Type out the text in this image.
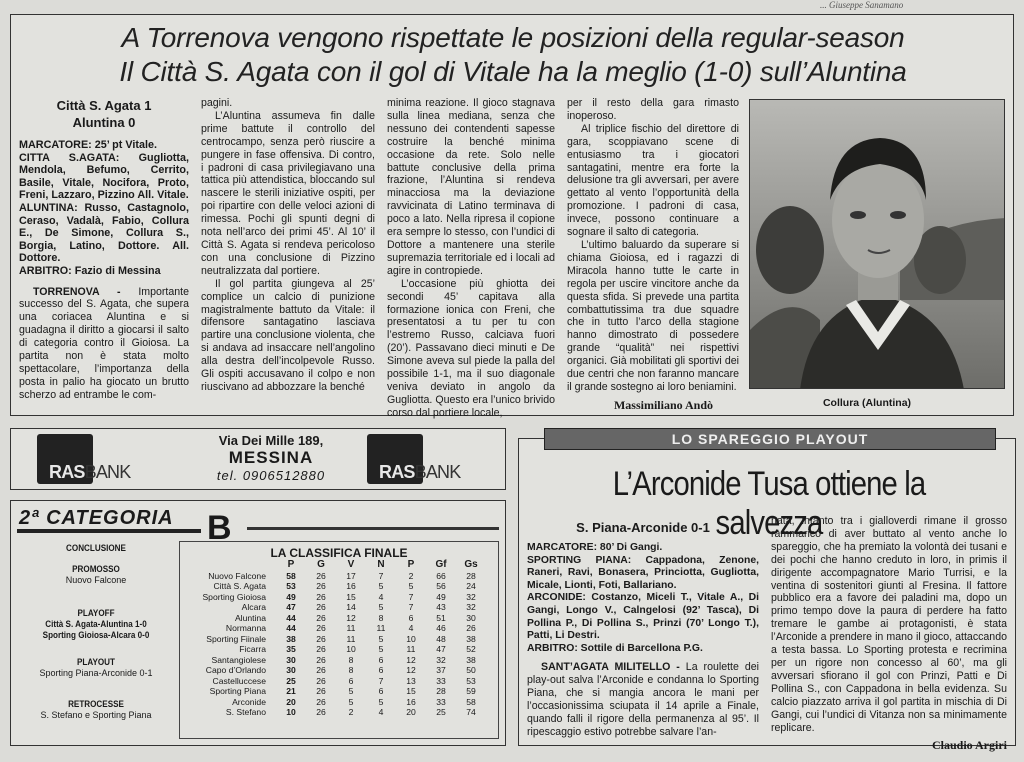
... Giuseppe Sanamano
A Torrenova vengono rispettate le posizioni della regular-season
Il Città S. Agata con il gol di Vitale ha la meglio (1-0) sull’Aluntina
Città S. Agata 1
Aluntina 0
MARCATORE: 25’ pt Vitale.
CITTA S.AGATA: Gugliotta, Mendola, Befumo, Cerrito, Basile, Vitale, Nocifora, Proto, Freni, Lazzaro, Pizzino All. Vitale.
ALUNTINA: Russo, Castagnolo, Ceraso, Vadalà, Fabio, Collura E., De Simone, Collura S., Borgia, Latino, Dottore. All. Dottore.
ARBITRO: Fazio di Messina

TORRENOVA - Importante successo del S. Agata, che supera una coriacea Aluntina e si guadagna il diritto a giocarsi il salto di categoria contro il Gioiosa. La partita non è stata molto spettacolare, l’importanza della posta in palio ha giocato un brutto scherzo ad entrambe le com-

pagini.

L’Aluntina assumeva fin dalle prime battute il controllo del centrocampo, senza però riuscire a pungere in fase offensiva. Di contro, i padroni di casa privilegiavano una tattica più attendistica, bloccando sul nascere le sterili iniziative ospiti, per poi ripartire con delle veloci azioni di rimessa. Pochi gli spunti degni di nota nell’arco dei primi 45’. Al 10’ il Città S. Agata si rendeva pericoloso con una conclusione di Pizzino neutralizzata dal portiere.

Il gol partita giungeva al 25’ complice un calcio di punizione magistralmente battuto da Vitale: il difensore santagatino lasciava partire una conclusione violenta, che si andava ad insaccare nell’angolino alla destra dell’incolpevole Russo. Gli ospiti accusavano il colpo e non riuscivano ad abbozzare la benché

minima reazione. Il gioco stagnava sulla linea mediana, senza che nessuno dei contendenti sapesse costruire la benché minima occasione da rete. Solo nelle battute conclusive della prima frazione, l’Aluntina si rendeva minacciosa ma la deviazione ravvicinata di Latino terminava di poco a lato. Nella ripresa il copione era sempre lo stesso, con l’undici di Dottore a mantenere una sterile supremazia territoriale ed i locali ad agire in contropiede.

L’occasione più ghiotta dei secondi 45’ capitava alla formazione ionica con Freni, che presentatosi a tu per tu con l’estremo Russo, calciava fuori (20’). Passavano dieci minuti e De Simone aveva sul piede la palla del possibile 1-1, ma il suo diagonale veniva deviato in angolo da Gugliotta. Questo era l’unico brivido corso dal portiere locale,

per il resto della gara rimasto inoperoso.

Al triplice fischio del direttore di gara, scoppiavano scene di entusiasmo tra i giocatori santagatini, mentre era forte la delusione tra gli avversari, per avere gettato al vento l’opportunità della promozione. I padroni di casa, invece, possono continuare a sognare il salto di categoria.

L’ultimo baluardo da superare si chiama Gioiosa, ed i ragazzi di Miracola hanno tutte le carte in regola per uscire vincitore anche da questa sfida. Si prevede una partita combattutissima tra due squadre che in tutto l’arco della stagione hanno dimostrato di possedere grande “qualità” nei rispettivi organici. Già mobilitati gli sportivi dei due centri che non faranno mancare il grande sostegno ai loro beniamini.

Massimiliano Andò	Collura (Aluntina)
RASBANK
Via Dei Mille 189,
MESSINA
tel. 0906512880	RASBANK
2ª CATEGORIA B
CONCLUSIONE
PROMOSSO
Nuovo Falcone
PLAYOFF
Città S. Agata-Aluntina 1-0
Sporting Gioiosa-Alcara 0-0
PLAYOUT
Sporting Piana-Arconide 0-1
RETROCESSE
S. Stefano e Sporting Piana
LA CLASSIFICA FINALE
	P	G	V	N	P	Gf	Gs
Nuovo Falcone	58	26	17	7	2	66	28
Città S. Agata	53	26	16	5	5	56	24
Sporting Gioiosa	49	26	15	4	7	49	32
Alcara	47	26	14	5	7	43	32
Aluntina	44	26	12	8	6	51	30
Normanna	44	26	11	11	4	46	26
Sporting Fiinale	38	26	11	5	10	48	38
Ficarra	35	26	10	5	11	47	52
Santangiolese	30	26	8	6	12	32	38
Capo d’Orlando	30	26	8	6	12	37	50
Castelluccese	25	26	6	7	13	33	53
Sporting Piana	21	26	5	6	15	28	59
Arconide	20	26	5	5	16	33	58
S. Stefano	10	26	2	4	20	25	74
L’Arconide Tusa ottiene la salvezza
S. Piana-Arconide 0-1
MARCATORE: 80’ Di Gangi.
SPORTING PIANA: Cappadona, Zenone, Raneri, Ravi, Bonasera, Princiotta, Gugliotta, Micale, Lionti, Foti, Ballariano.
ARCONIDE: Costanzo, Miceli T., Vitale A., Di Gangi, Longo V., Calngelosi (92’ Tasca), Di Pollina P., Di Pollina S., Prinzi (70’ Longo T.), Patti, Li Destri.
ARBITRO: Sottile di Barcellona P.G.

SANT’AGATA MILITELLO - La roulette dei play-out salva l’Arconide e condanna lo Sporting Piana, che si mangia ancora le mani per l’occasionissima sciupata il 14 aprile a Finale, quando falli il rigore della permanenza al 95’. Il ripescaggio estivo potrebbe salvare l’an-

nata, intanto tra i gialloverdi rimane il grosso rammarico di aver buttato al vento anche lo spareggio, che ha premiato la volontà dei tusani e dei pochi che hanno creduto in loro, in primis il dirigente accompagnatore Mario Turrisi, e la ventina di sostenitori giunti al Fresina. Il fattore pubblico era a favore dei paladini ma, dopo un primo tempo dove la paura di perdere ha fatto tremare le gambe ai protagonisti, è stata l’Arconide a prendere in mano il gioco, attaccando a testa bassa. Lo Sporting protesta e recrimina per un rigore non concesso al 60’, ma gli avversari sfiorano il gol con Prinzi, Patti e Di Pollina S., con Cappadona in bella evidenza. Su calcio piazzato arriva il gol partita in mischia di Di Gangi, cui l’undici di Vitanza non sa minimamente replicare.
Claudio Argiri
LO SPAREGGIO PLAYOUT
